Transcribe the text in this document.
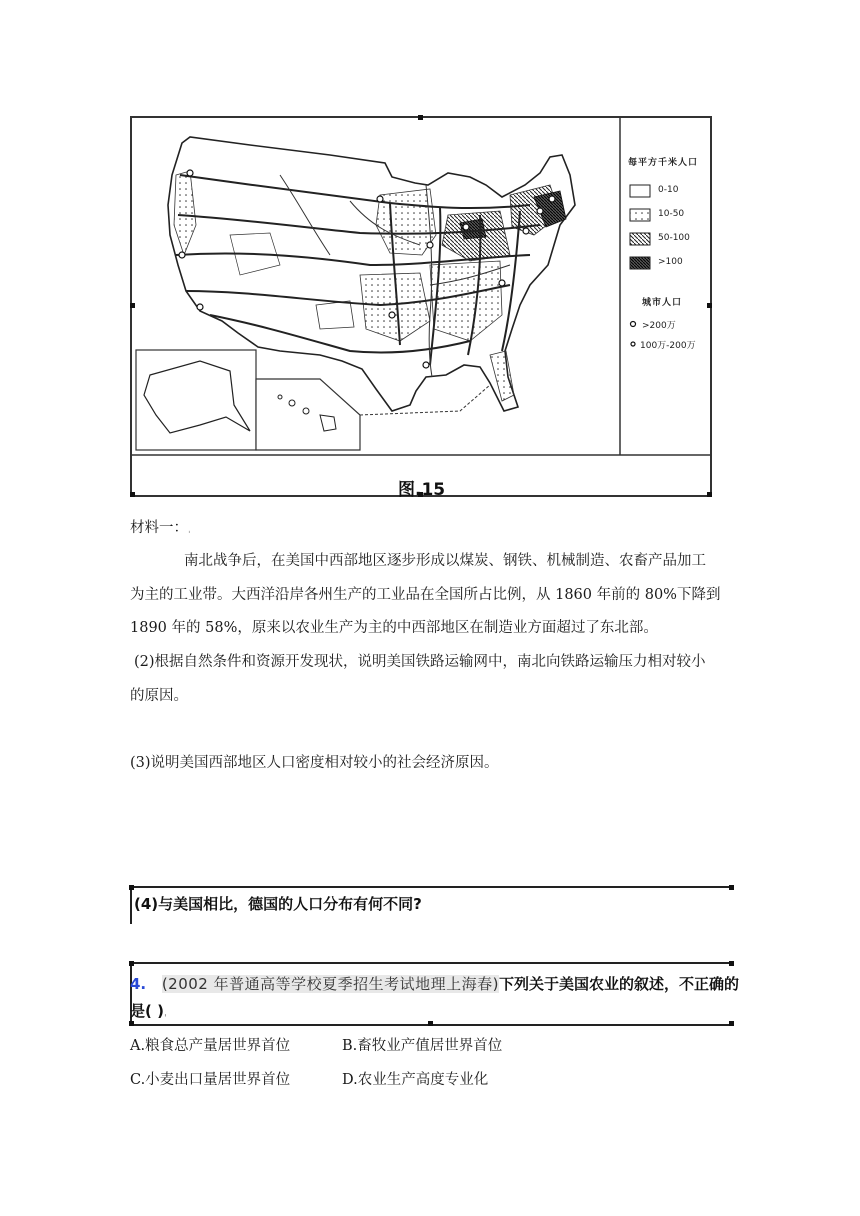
每平方千米人口
0-10
10-50
50-100
>100
城市人口
>200万
100万-200万
图.15
材料一：ˌ
南北战争后，在美国中西部地区逐步形成以煤炭、钢铁、机械制造、农畜产品加工
为主的工业带。大西洋沿岸各州生产的工业品在全国所占比例，从 1860 年前的 80%下降到
1890 年的 58%，原来以农业生产为主的中西部地区在制造业方面超过了东北部。
(2)根据自然条件和资源开发现状，说明美国铁路运输网中，南北向铁路运输压力相对较小
的原因。
(3)说明美国西部地区人口密度相对较小的社会经济原因。
(4)与美国相比，德国的人口分布有何不同?
4. (2002 年普通高等学校夏季招生考试地理上海春)下列关于美国农业的叙述，不正确的
是( )ˌ
A.粮食总产量居世界首位	B.畜牧业产值居世界首位
C.小麦出口量居世界首位	D.农业生产高度专业化
